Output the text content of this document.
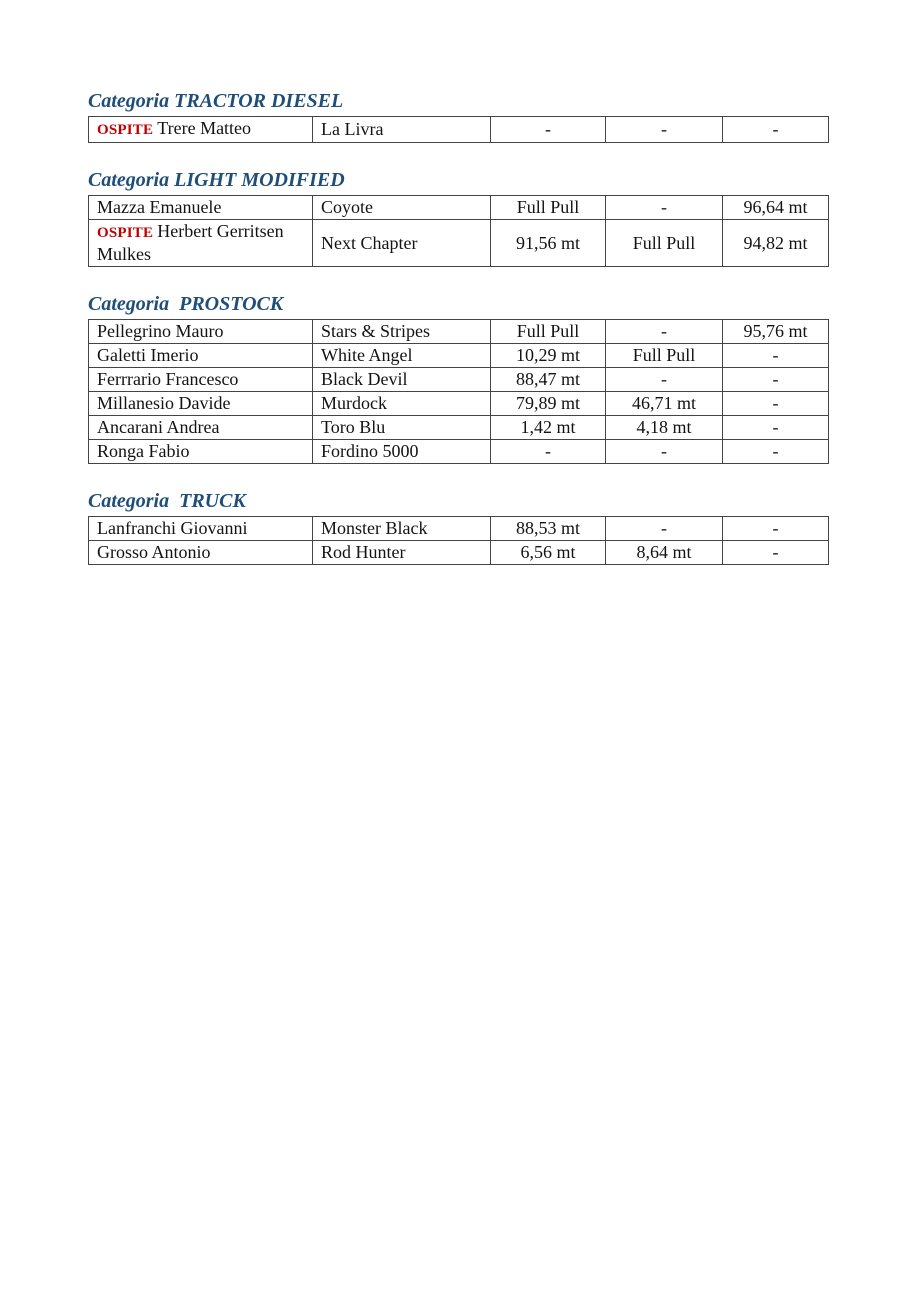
Categoria TRACTOR DIESEL
OSPITE Trere Matteo	La Livra	-	-	-
Categoria LIGHT MODIFIED
Mazza Emanuele	Coyote	Full Pull	-	96,64 mt
OSPITE Herbert Gerritsen Mulkes	Next Chapter	91,56 mt	Full Pull	94,82 mt
Categoria  PROSTOCK
Pellegrino Mauro	Stars & Stripes	Full Pull	-	95,76 mt
Galetti Imerio	White Angel	10,29 mt	Full Pull	-
Ferrrario Francesco	Black Devil	88,47 mt	-	-
Millanesio Davide	Murdock	79,89 mt	46,71 mt	-
Ancarani Andrea	Toro Blu	1,42 mt	4,18 mt	-
Ronga Fabio	Fordino 5000	-	-	-
Categoria  TRUCK
Lanfranchi Giovanni	Monster Black	88,53 mt	-	-
Grosso Antonio	Rod Hunter	6,56 mt	8,64 mt	-
